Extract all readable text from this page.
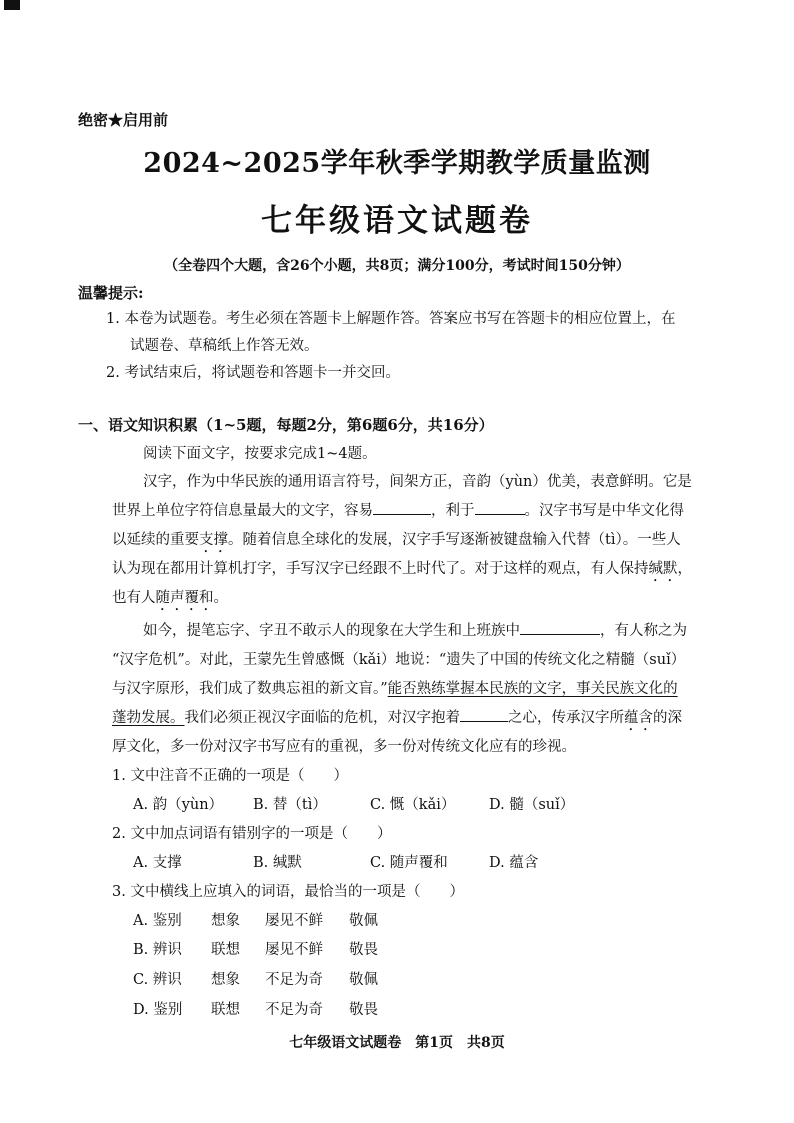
绝密★启用前
2024~2025学年秋季学期教学质量监测
七年级语文试题卷
（全卷四个大题，含26个小题，共8页；满分100分，考试时间150分钟）
温馨提示:
1. 本卷为试题卷。考生必须在答题卡上解题作答。答案应书写在答题卡的相应位置上，在
试题卷、草稿纸上作答无效。
2. 考试结束后，将试题卷和答题卡一并交回。
一、语文知识积累（1~5题，每题2分，第6题6分，共16分）
阅读下面文字，按要求完成1~4题。
汉字，作为中华民族的通用语言符号，间架方正，音韵（yùn）优美，表意鲜明。它是
世界上单位字符信息量最大的文字，容易	，利于	。汉字书写是中华文化得
以延续的重要支撑。随着信息全球化的发展，汉字手写逐渐被键盘输入代替（tì）。一些人
认为现在都用计算机打字，手写汉字已经跟不上时代了。对于这样的观点，有人保持缄默，
也有人随声覆和。
如今，提笔忘字、字丑不敢示人的现象在大学生和上班族中	，有人称之为
“汉字危机”。对此，王蒙先生曾感慨（kǎi）地说：“遗失了中国的传统文化之精髓（suǐ）
与汉字原形，我们成了数典忘祖的新文盲。”能否熟练掌握本民族的文字，事关民族文化的
蓬勃发展。我们必须正视汉字面临的危机，对汉字抱着	之心，传承汉字所蕴含的深
厚文化，多一份对汉字书写应有的重视，多一份对传统文化应有的珍视。
1. 文中注音不正确的一项是（　　）
A. 韵（yùn） B. 替（tì）	C. 慨（kǎi） D. 髓（suǐ）
2. 文中加点词语有错别字的一项是（　　）
A. 支撑	B. 缄默	C. 随声覆和	D. 蕴含
3. 文中横线上应填入的词语，最恰当的一项是（　　）
A. 鉴别 想象 屡见不鲜 敬佩
B. 辨识 联想 屡见不鲜 敬畏
C. 辨识 想象 不足为奇 敬佩
D. 鉴别 联想 不足为奇 敬畏
七年级语文试题卷　第1页　共8页
